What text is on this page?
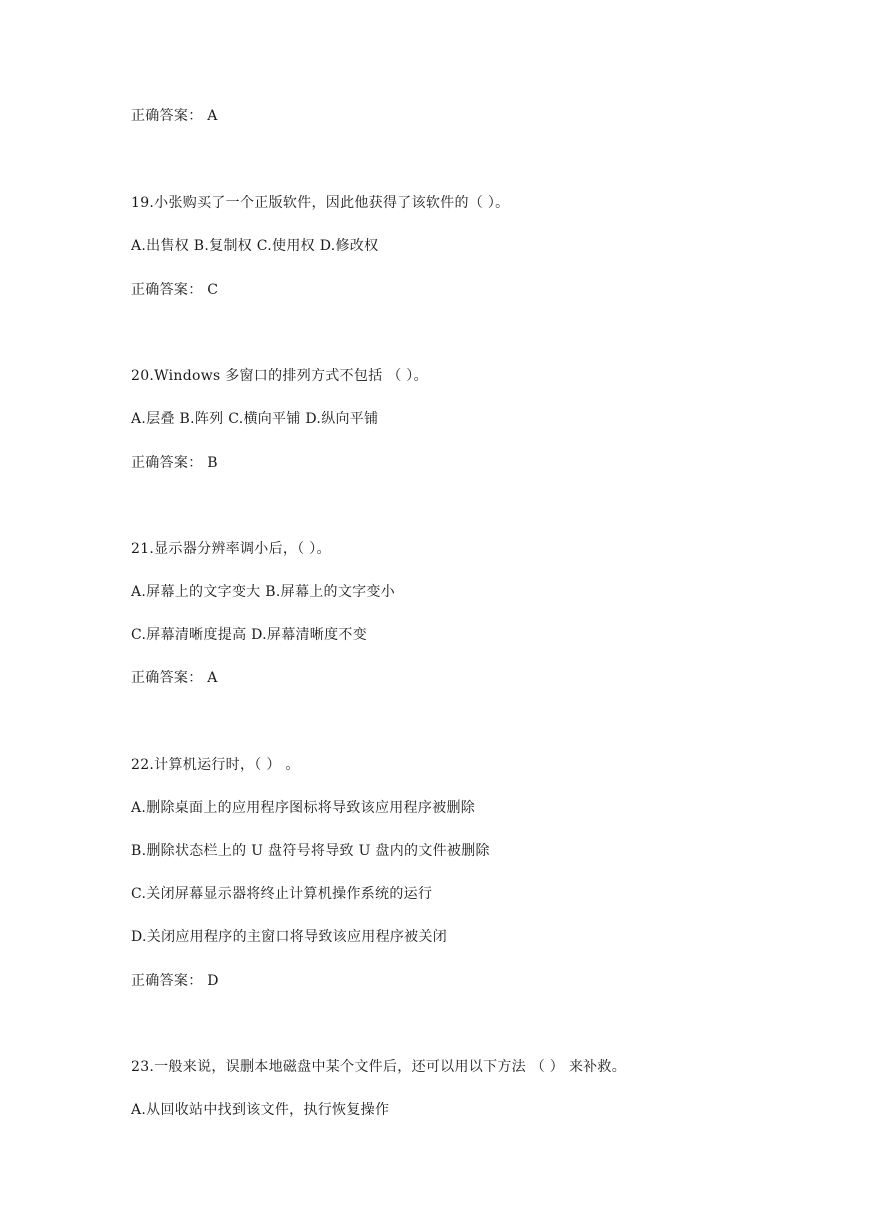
正确答案： A
19.小张购买了一个正版软件，因此他获得了该软件的（ ）。
A.出售权 B.复制权 C.使用权 D.修改权
正确答案： C
20.Windows 多窗口的排列方式不包括 （ ）。
A.层叠 B.阵列 C.横向平铺 D.纵向平铺
正确答案： B
21.显示器分辨率调小后，（ ）。
A.屏幕上的文字变大 B.屏幕上的文字变小
C.屏幕清晰度提高 D.屏幕清晰度不变
正确答案： A
22.计算机运行时，（ ） 。
A.删除桌面上的应用程序图标将导致该应用程序被删除
B.删除状态栏上的 U 盘符号将导致 U 盘内的文件被删除
C.关闭屏幕显示器将终止计算机操作系统的运行
D.关闭应用程序的主窗口将导致该应用程序被关闭
正确答案： D
23.一般来说，误删本地磁盘中某个文件后，还可以用以下方法 （ ） 来补救。
A.从回收站中找到该文件，执行恢复操作
